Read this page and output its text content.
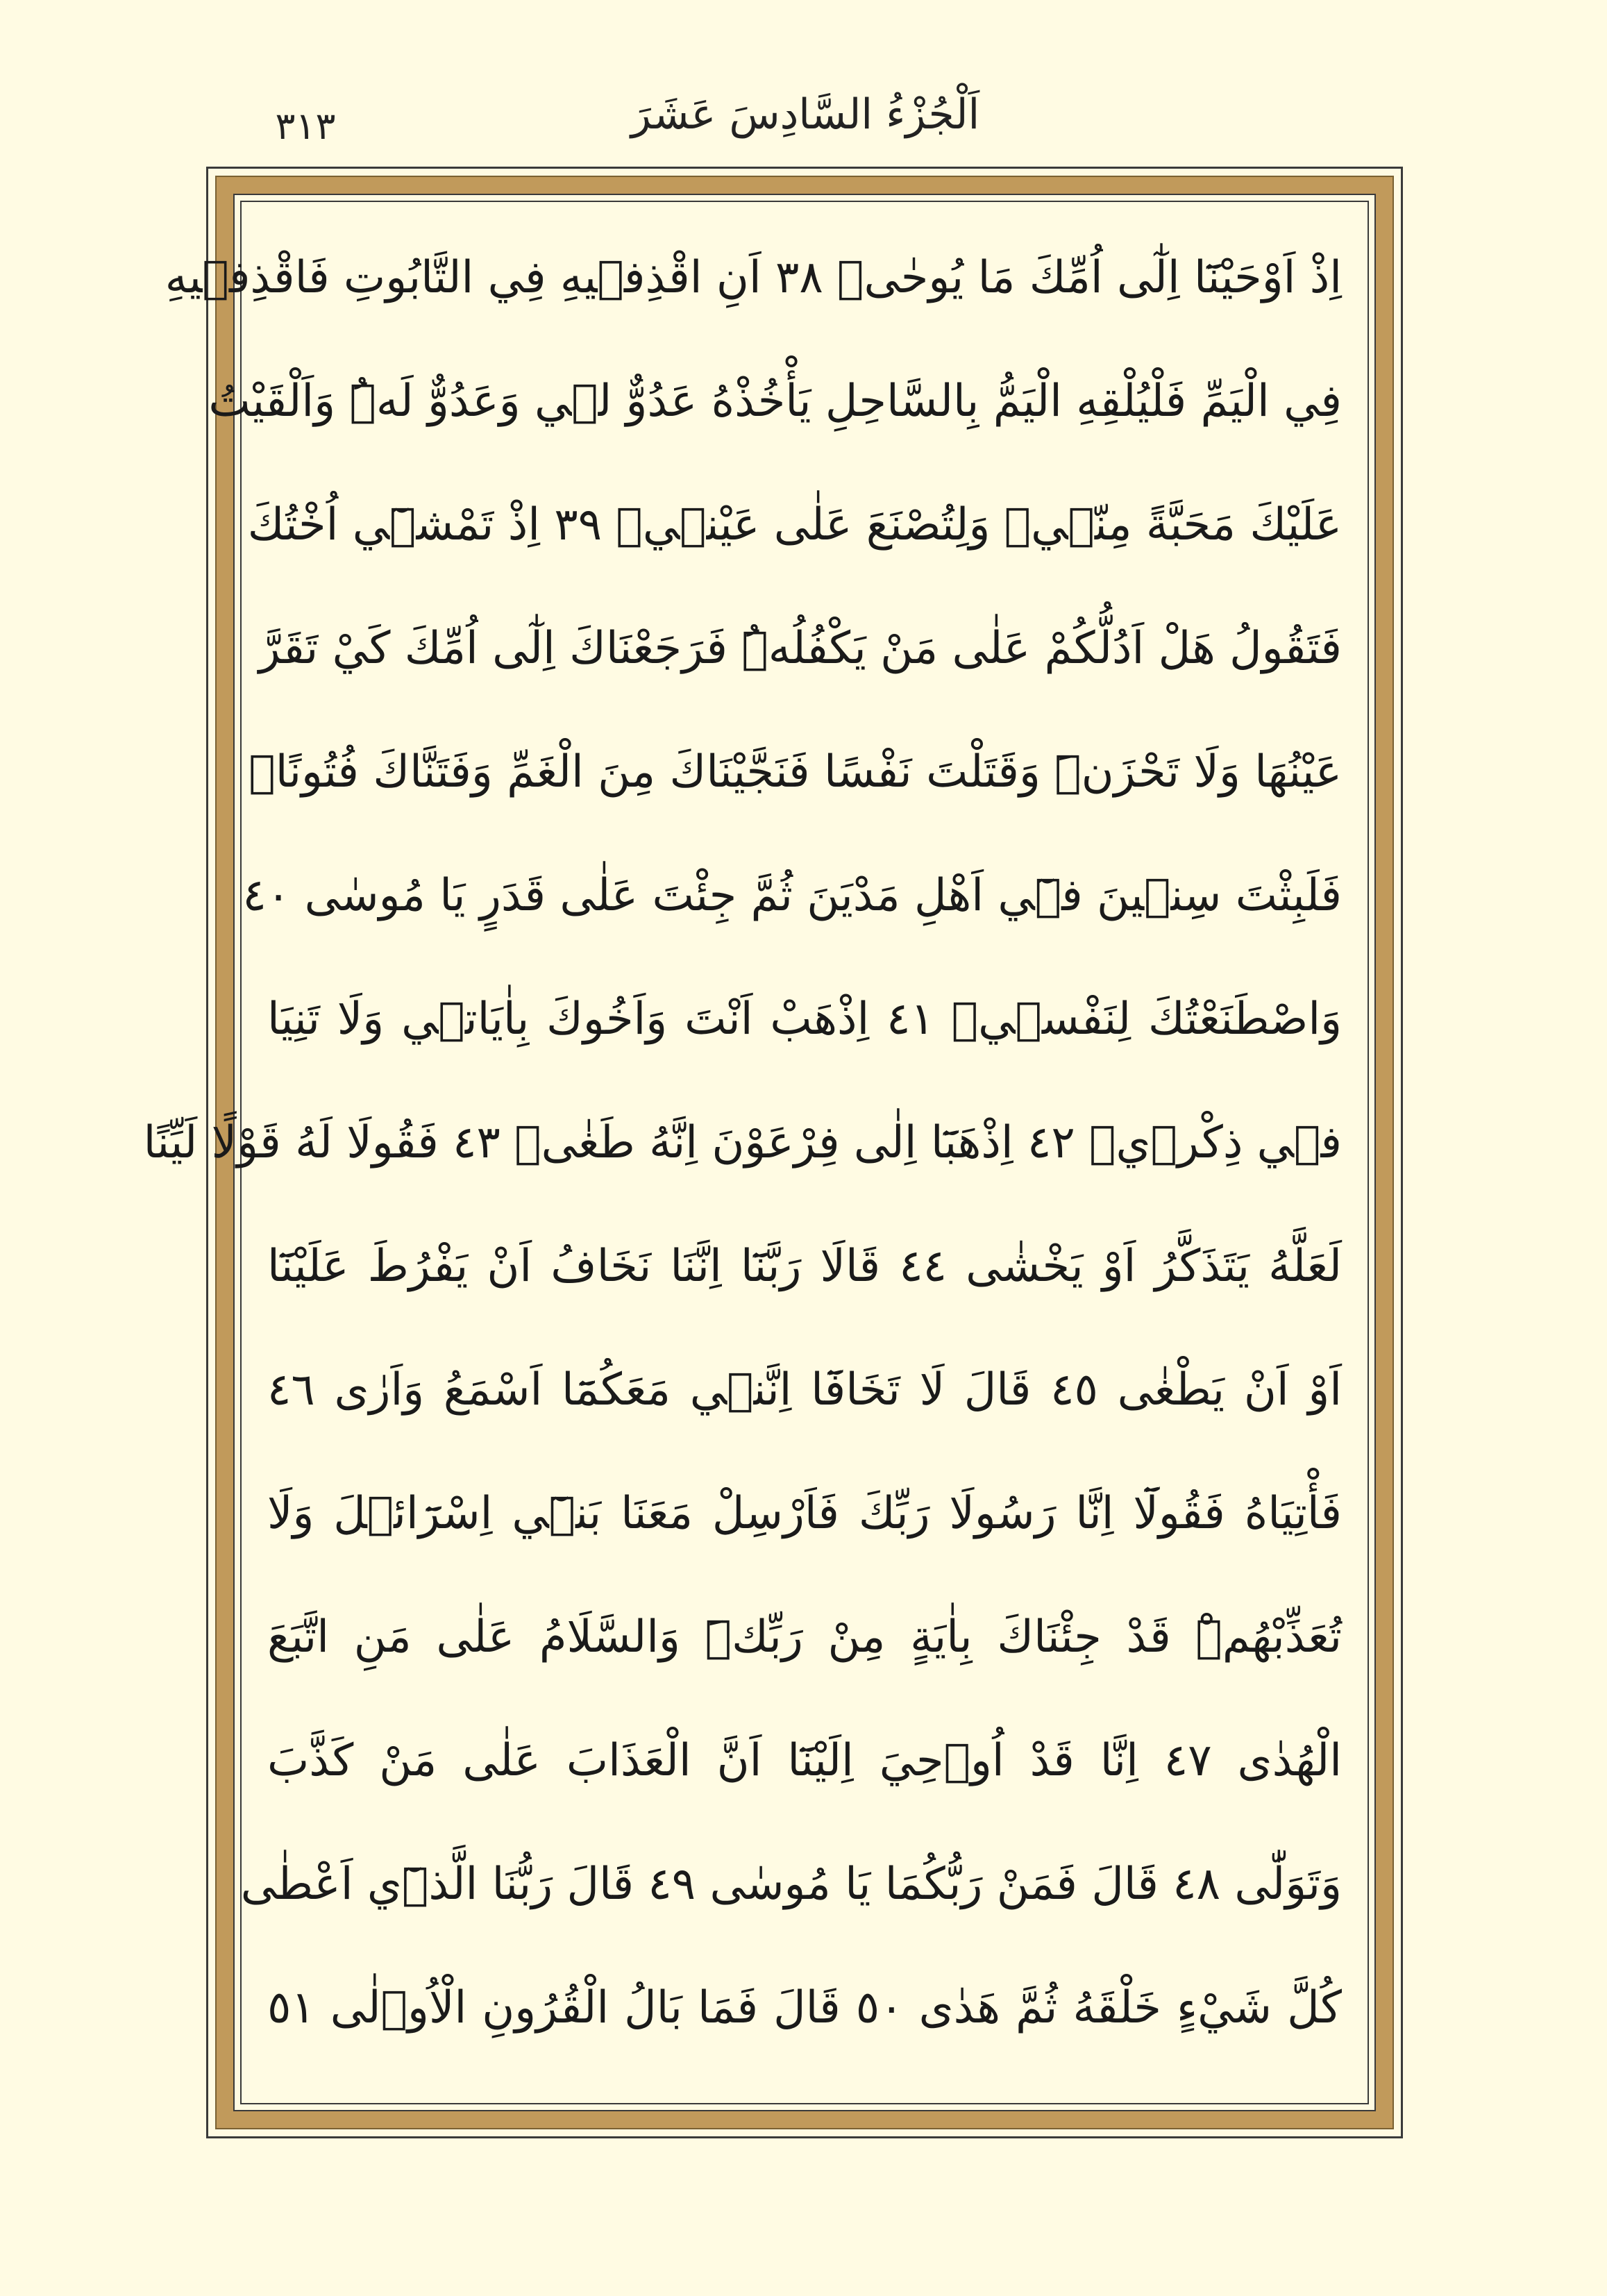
٣١٣	اَلْجُزْءُ السَّادِسَ عَشَرَ
اِذْ اَوْحَيْنَٓا اِلٰٓى اُمِّكَ مَا يُوحٰىۙ ٣٨ اَنِ اقْذِف۪يهِ فِي التَّابُوتِ فَاقْذِف۪يهِ
فِي الْيَمِّ فَلْيُلْقِهِ الْيَمُّ بِالسَّاحِلِ يَأْخُذْهُ عَدُوٌّ ل۪ي وَعَدُوٌّ لَهُۜ وَاَلْقَيْتُ
عَلَيْكَ مَحَبَّةً مِنّ۪يۚ وَلِتُصْنَعَ عَلٰى عَيْن۪يۢ ٣٩ اِذْ تَمْش۪ٓي اُخْتُكَ
فَتَقُولُ هَلْ اَدُلُّكُمْ عَلٰى مَنْ يَكْفُلُهُۜ فَرَجَعْنَاكَ اِلٰٓى اُمِّكَ كَيْ تَقَرَّ
عَيْنُهَا وَلَا تَحْزَنَۜ وَقَتَلْتَ نَفْسًا فَنَجَّيْنَاكَ مِنَ الْغَمِّ وَفَتَنَّاكَ فُتُونًاۗ
فَلَبِثْتَ سِن۪ينَ ف۪ٓي اَهْلِ مَدْيَنَ ثُمَّ جِئْتَ عَلٰى قَدَرٍ يَا مُوسٰى ٤٠
وَاصْطَنَعْتُكَ لِنَفْس۪يۚ ٤١ اِذْهَبْ اَنْتَ وَاَخُوكَ بِاٰيَات۪ي وَلَا تَنِيَا
ف۪ي ذِكْر۪يۚ ٤٢ اِذْهَبَٓا اِلٰى فِرْعَوْنَ اِنَّهُ طَغٰىۚ ٤٣ فَقُولَا لَهُ قَوْلًا لَيِّنًا
لَعَلَّهُ يَتَذَكَّرُ اَوْ يَخْشٰى ٤٤ قَالَا رَبَّنَٓا اِنَّنَا نَخَافُ اَنْ يَفْرُطَ عَلَيْنَٓا
اَوْ اَنْ يَطْغٰى ٤٥ قَالَ لَا تَخَافَٓا اِنَّن۪ي مَعَكُمَٓا اَسْمَعُ وَاَرٰى ٤٦
فَأْتِيَاهُ فَقُولَٓا اِنَّا رَسُولَا رَبِّكَ فَاَرْسِلْ مَعَنَا بَن۪ٓي اِسْرَٓائ۪لَ وَلَا
تُعَذِّبْهُمْۜ قَدْ جِئْنَاكَ بِاٰيَةٍ مِنْ رَبِّكَۜ وَالسَّلَامُ عَلٰى مَنِ اتَّبَعَ
الْهُدٰى ٤٧ اِنَّا قَدْ اُو۫حِيَ اِلَيْنَٓا اَنَّ الْعَذَابَ عَلٰى مَنْ كَذَّبَ
وَتَوَلّٰى ٤٨ قَالَ فَمَنْ رَبُّكُمَا يَا مُوسٰى ٤٩ قَالَ رَبُّنَا الَّذ۪ٓي اَعْطٰى
كُلَّ شَيْءٍ خَلْقَهُ ثُمَّ هَدٰى ٥٠ قَالَ فَمَا بَالُ الْقُرُونِ الْاُو۫لٰى ٥١
